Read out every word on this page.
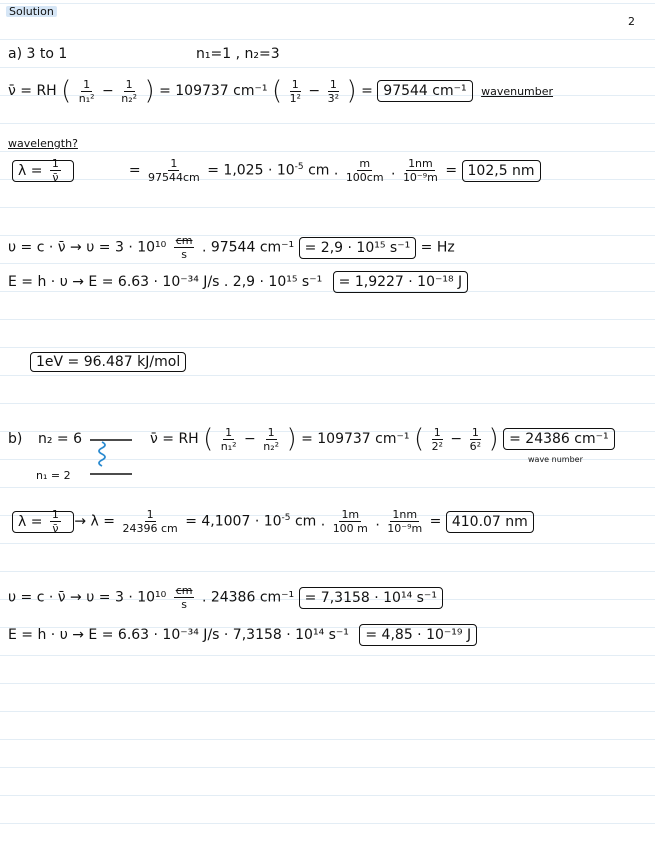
Solution
2
a) 3 to 1	n₁=1 , n₂=3
ν̄ = RH ( $\frac{1}{\text{n₁²}} - \frac{1}{\text{n₂²}}$ ) = 109737 cm⁻¹ ( $\frac{1}{\text{1²}} - \frac{1}{\text{3²}}$ ) = 97544 cm⁻¹ wavenumber
wavelength?
$\lambda = \frac{1}{\nū}$	= $\frac{1}{97544cm} = 1,025 \cdot 10^{-5}$ cm . $\frac{m}{100cm}$ . $\frac{1nm}{\text{10⁻⁹m}} = 102,5$ nm
υ = c · ν̄ → $\upsilon = 3 \cdot 10^{10} \frac{cm}{s}$ . 97544 cm⁻¹ = 2,9 · 10¹⁵ s⁻¹ = Hz
E = h · υ → E = 6.63 · 10⁻³⁴ J/s . 2,9 · 10¹⁵ s⁻¹ = 1,9227 · 10⁻¹⁸ J
1eV = 96.487 kJ/mol
b) n₂ = 6
n₁ = 2
ν̄ = RH ( $\frac{1}{\text{n₁²}} - \frac{1}{\text{n₂²}}$ ) = 109737 cm⁻¹ ( $\frac{1}{\text{2²}} - \frac{1}{\text{6²}}$ ) = 24386 cm⁻¹
wave number
$\lambda = \frac{1}{\nū} \to \lambda = \frac{1}{24396 cm} = 4,1007 \cdot 10^{-5}$ cm . $\frac{1m}{100 m}$ . $\frac{1nm}{\text{10⁻⁹m}} = 410.07$ nm
υ = c · ν̄ → $\upsilon = 3 \cdot 10^{10} \frac{cm}{s}$ . 24386 cm⁻¹ = 7,3158 · 10¹⁴ s⁻¹
E = h · υ → E = 6.63 · 10⁻³⁴ J/s · 7,3158 · 10¹⁴ s⁻¹ = 4,85 · 10⁻¹⁹ J
